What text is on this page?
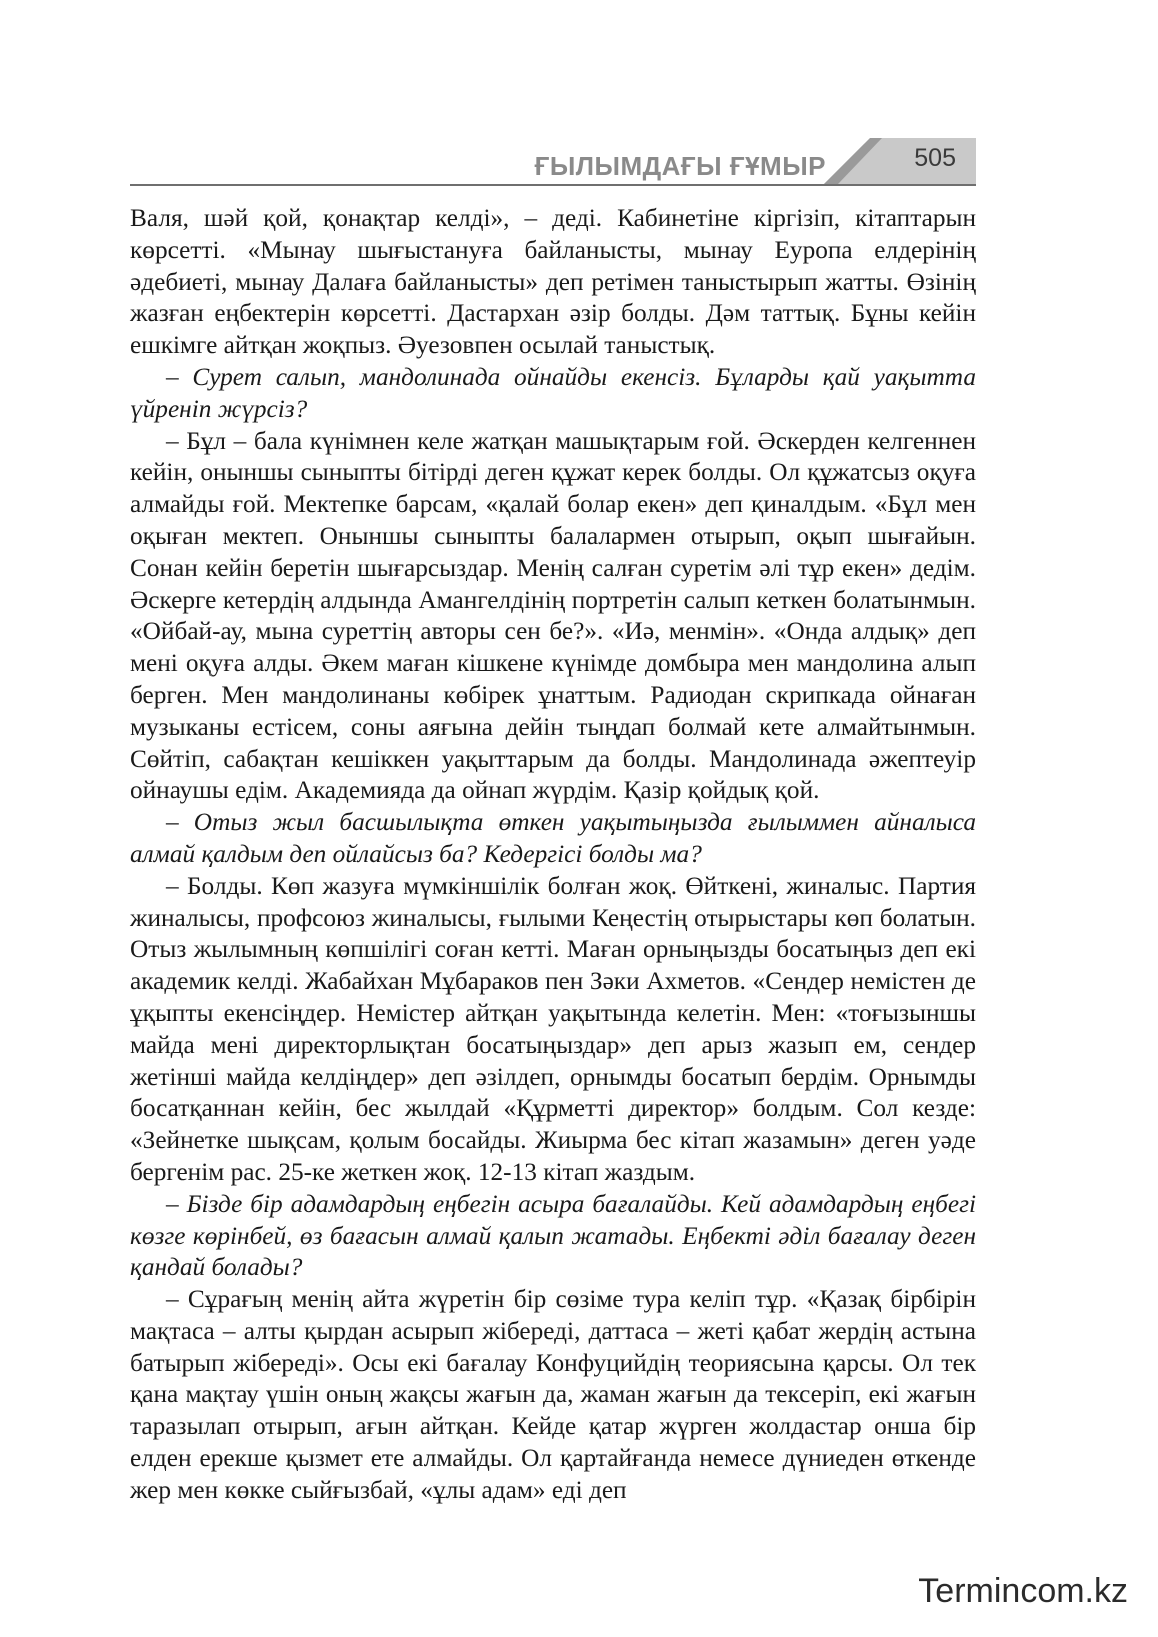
ҒЫЛЫМДАҒЫ ҒҰМЫР	505

Валя, шәй қой, қонақтар келді», – деді. Кабинетіне кіргізіп, кітаптарын көрсетті. «Мынау шығыстануға байланысты, мынау Еуропа елдерінің әдебиеті, мынау Далаға байланысты» деп ретімен таныстырып жатты. Өзінің жазған еңбектерін көрсетті. Дастархан әзір болды. Дәм таттық. Бұны кейін ешкімге айтқан жоқпыз. Әуезовпен осылай таныстық.

– Сурет салып, мандолинада ойнайды екенсіз. Бұларды қай уақытта үйреніп жүрсіз?

– Бұл – бала күнімнен келе жатқан машықтарым ғой. Әскерден келгеннен кейін, оныншы сыныпты бітірді деген құжат керек болды. Ол құжатсыз оқуға алмайды ғой. Мектепке барсам, «қалай болар екен» деп қиналдым. «Бұл мен оқыған мектеп. Оныншы сыныпты балалармен отырып, оқып шығайын. Сонан кейін беретін шығарсыздар. Менің салған суретім әлі тұр екен» дедім. Әскерге кетердің алдында Амангелдінің портретін салып кеткен болатынмын. «Ойбай-ау, мына суреттің авторы сен бе?». «Иә, менмін». «Онда алдық» деп мені оқуға алды. Әкем маған кішкене күнімде домбыра мен мандолина алып берген. Мен мандолинаны көбірек ұнаттым. Радиодан скрипкада ойнаған музыканы естісем, соны аяғына дейін тыңдап болмай кете алмайтынмын. Сөйтіп, сабақтан кешіккен уақыттарым да болды. Мандолинада әжептеуір ойнаушы едім. Академияда да ойнап жүрдім. Қазір қойдық қой.

– Отыз жыл басшылықта өткен уақытыңызда ғылыммен айналыса алмай қалдым деп ойлайсыз ба? Кедергісі болды ма?

– Болды. Көп жазуға мүмкіншілік болған жоқ. Өйткені, жиналыс. Партия жиналысы, профсоюз жиналысы, ғылыми Кеңестің отырыстары көп болатын. Отыз жылымның көпшілігі соған кетті. Маған орныңызды босатыңыз деп екі академик келді. Жабайхан Мұбараков пен Зәки Ахметов. «Сендер немістен де ұқыпты екенсіңдер. Немістер айтқан уақытында келетін. Мен: «тоғызыншы майда мені директорлықтан босатыңыздар» деп арыз жазып ем, сендер жетінші майда келдіңдер» деп әзілдеп, орнымды босатып бердім. Орнымды босатқаннан кейін, бес жылдай «Құрметті директор» болдым. Сол кезде: «Зейнетке шықсам, қолым босайды. Жиырма бес кітап жазамын» деген уәде бергенім рас. 25-ке жеткен жоқ. 12-13 кітап жаздым.

– Бізде бір адамдардың еңбегін асыра бағалайды. Кей адамдардың еңбегі көзге көрінбей, өз бағасын алмай қалып жатады. Еңбекті әділ бағалау деген қандай болады?

– Сұрағың менің айта жүретін бір сөзіме тура келіп тұр. «Қазақ бірбірін мақтаса – алты қырдан асырып жібереді, даттаса – жеті қабат жердің астына батырып жібереді». Осы екі бағалау Конфуцийдің теориясына қарсы. Ол тек қана мақтау үшін оның жақсы жағын да, жаман жағын да тексеріп, екі жағын таразылап отырып, ағын айтқан. Кейде қатар жүрген жолдастар онша бір елден ерекше қызмет ете алмайды. Ол қартайғанда немесе дүниеден өткенде жер мен көкке сыйғызбай, «ұлы адам» еді деп

Termincom.kz
